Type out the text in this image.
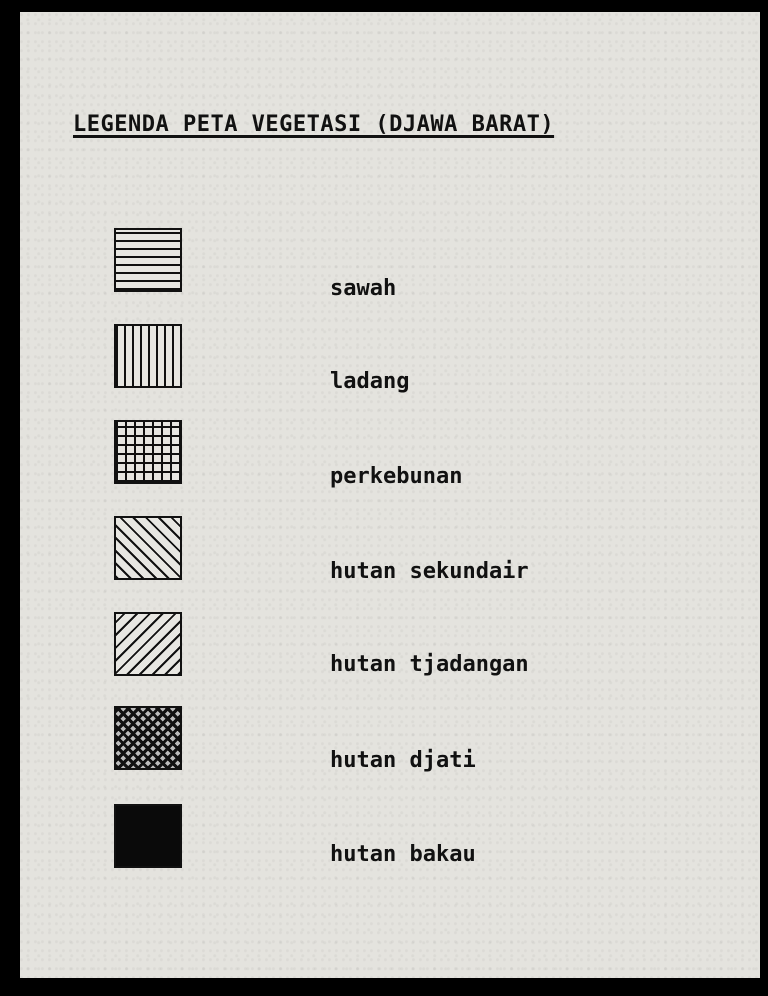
LEGENDA PETA VEGETASI (DJAWA BARAT)
sawah
ladang
perkebunan
hutan sekundair
hutan tjadangan
hutan djati
hutan bakau
